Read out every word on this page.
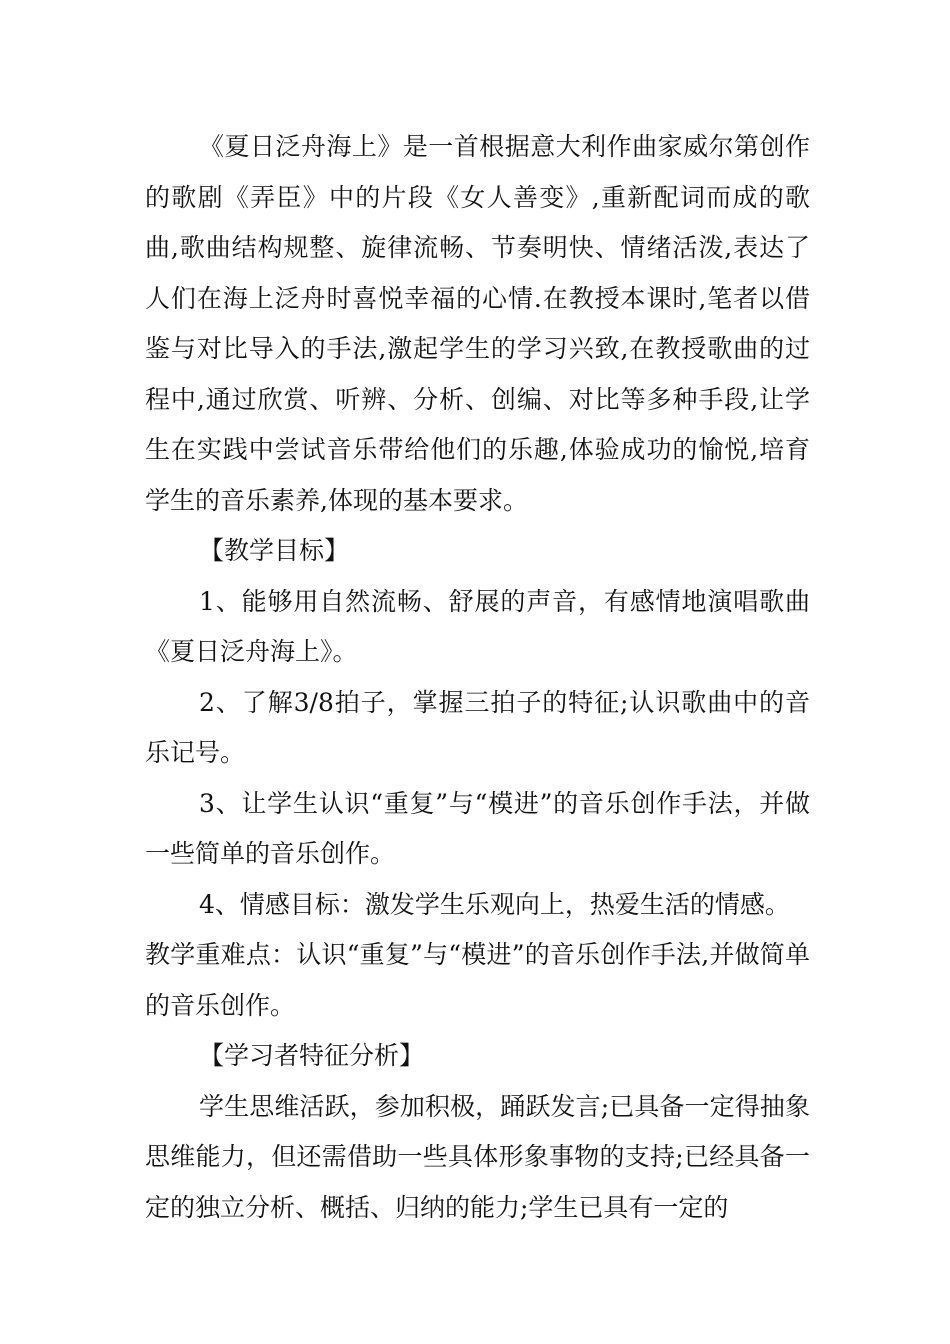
《夏日泛舟海上》是一首根据意大利作曲家威尔第创作的歌剧《弄臣》中的片段《女人善变》,重新配词而成的歌曲,歌曲结构规整、旋律流畅、节奏明快、情绪活泼,表达了人们在海上泛舟时喜悦幸福的心情.在教授本课时,笔者以借鉴与对比导入的手法,激起学生的学习兴致,在教授歌曲的过程中,通过欣赏、听辨、分析、创编、对比等多种手段,让学生在实践中尝试音乐带给他们的乐趣,体验成功的愉悦,培育学生的音乐素养,体现的基本要求。

【教学目标】

1、能够用自然流畅、舒展的声音，有感情地演唱歌曲《夏日泛舟海上》。

2、了解3/8拍子，掌握三拍子的特征;认识歌曲中的音乐记号。

3、让学生认识“重复”与“模进”的音乐创作手法，并做一些简单的音乐创作。

4、情感目标：激发学生乐观向上，热爱生活的情感。

教学重难点：认识“重复”与“模进”的音乐创作手法,并做简单的音乐创作。

【学习者特征分析】

学生思维活跃，参加积极，踊跃发言;已具备一定得抽象思维能力，但还需借助一些具体形象事物的支持;已经具备一定的独立分析、概括、归纳的能力;学生已具有一定的
